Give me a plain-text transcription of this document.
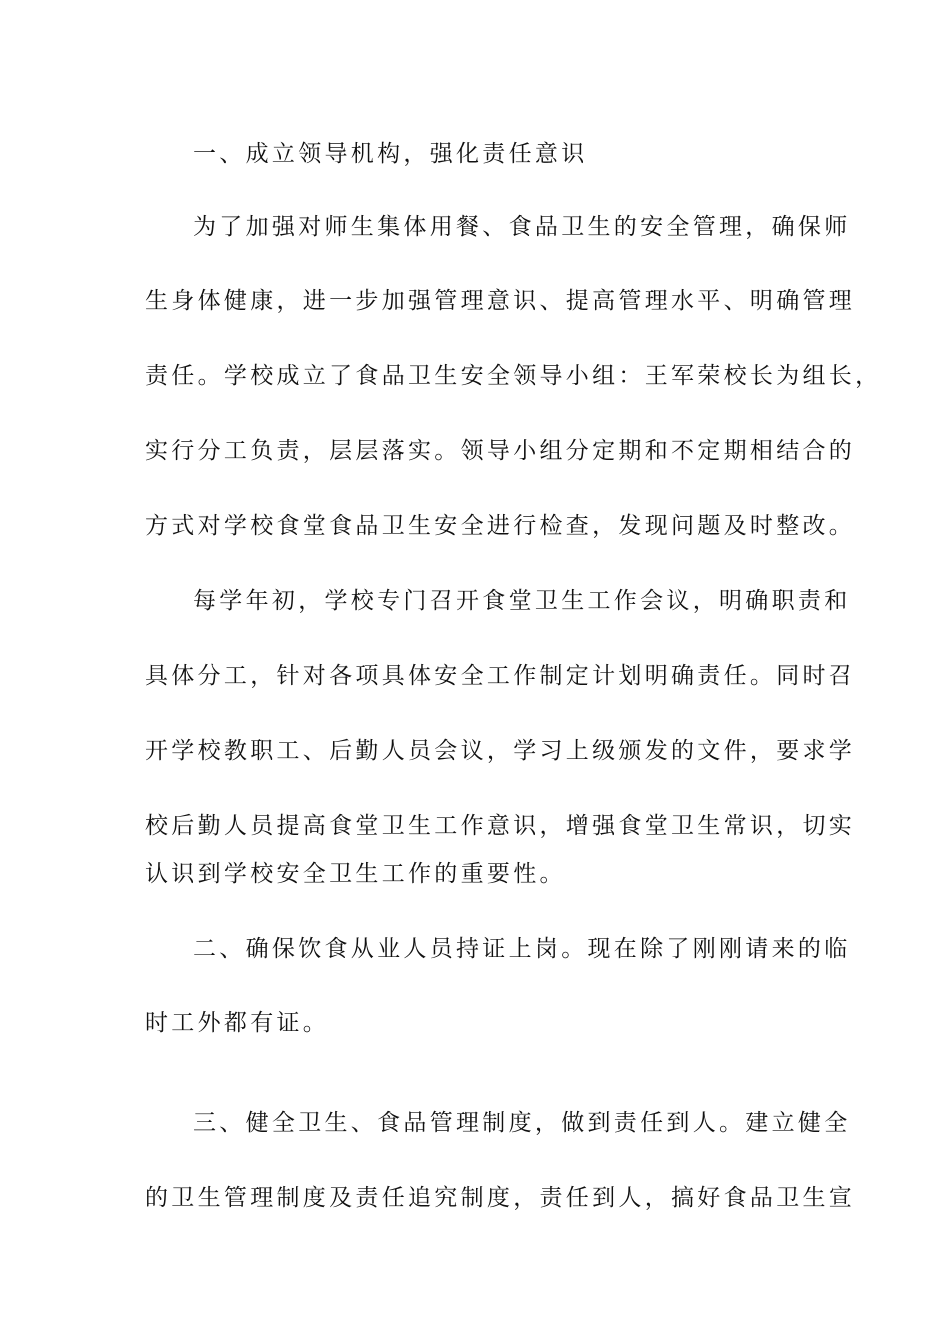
一、成立领导机构，强化责任意识
为了加强对师生集体用餐、食品卫生的安全管理，确保师
生身体健康，进一步加强管理意识、提高管理水平、明确管理
责任。学校成立了食品卫生安全领导小组：王军荣校长为组长，
实行分工负责，层层落实。领导小组分定期和不定期相结合的
方式对学校食堂食品卫生安全进行检查，发现问题及时整改。
每学年初，学校专门召开食堂卫生工作会议，明确职责和
具体分工，针对各项具体安全工作制定计划明确责任。同时召
开学校教职工、后勤人员会议，学习上级颁发的文件，要求学
校后勤人员提高食堂卫生工作意识，增强食堂卫生常识，切实
认识到学校安全卫生工作的重要性。
二、确保饮食从业人员持证上岗。现在除了刚刚请来的临
时工外都有证。
三、健全卫生、食品管理制度，做到责任到人。建立健全
的卫生管理制度及责任追究制度，责任到人，搞好食品卫生宣
